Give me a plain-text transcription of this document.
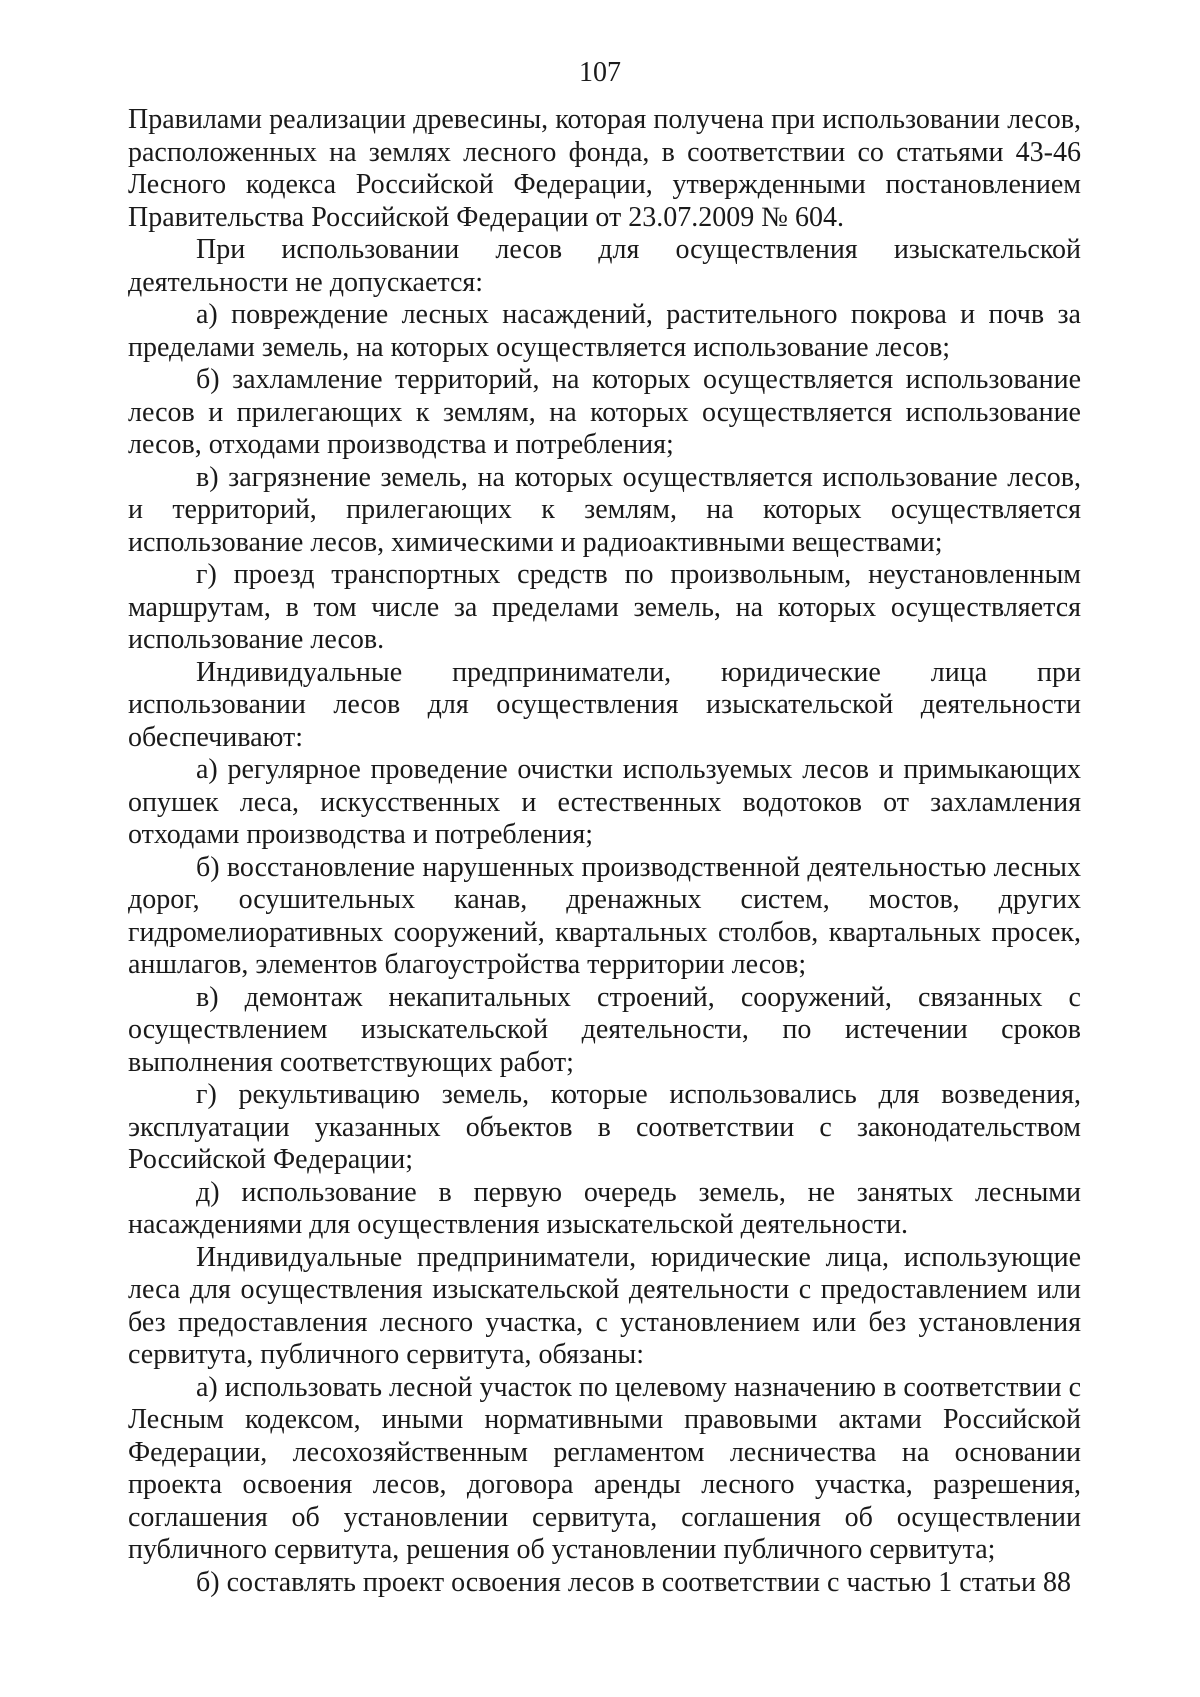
107

Правилами реализации древесины, которая получена при использовании лесов, расположенных на землях лесного фонда, в соответствии со статьями 43-46 Лесного кодекса Российской Федерации, утвержденными постановлением Правительства Российской Федерации от 23.07.2009 № 604.

При использовании лесов для осуществления изыскательской деятельности не допускается:

а) повреждение лесных насаждений, растительного покрова и почв за пределами земель, на которых осуществляется использование лесов;

б) захламление территорий, на которых осуществляется использование лесов и прилегающих к землям, на которых осуществляется использование лесов, отходами производства и потребления;

в) загрязнение земель, на которых осуществляется использование лесов, и территорий, прилегающих к землям, на которых осуществляется использование лесов, химическими и радиоактивными веществами;

г) проезд транспортных средств по произвольным, неустановленным маршрутам, в том числе за пределами земель, на которых осуществляется использование лесов.

Индивидуальные предприниматели, юридические лица при использовании лесов для осуществления изыскательской деятельности обеспечивают:

а) регулярное проведение очистки используемых лесов и примыкающих опушек леса, искусственных и естественных водотоков от захламления отходами производства и потребления;

б) восстановление нарушенных производственной деятельностью лесных дорог, осушительных канав, дренажных систем, мостов, других гидромелиоративных сооружений, квартальных столбов, квартальных просек, аншлагов, элементов благоустройства территории лесов;

в) демонтаж некапитальных строений, сооружений, связанных с осуществлением изыскательской деятельности, по истечении сроков выполнения соответствующих работ;

г) рекультивацию земель, которые использовались для возведения, эксплуатации указанных объектов в соответствии с законодательством Российской Федерации;

д) использование в первую очередь земель, не занятых лесными насаждениями для осуществления изыскательской деятельности.

Индивидуальные предприниматели, юридические лица, использующие леса для осуществления изыскательской деятельности с предоставлением или без предоставления лесного участка, с установлением или без установления сервитута, публичного сервитута, обязаны:

а) использовать лесной участок по целевому назначению в соответствии с Лесным кодексом, иными нормативными правовыми актами Российской Федерации, лесохозяйственным регламентом лесничества на основании проекта освоения лесов, договора аренды лесного участка, разрешения, соглашения об установлении сервитута, соглашения об осуществлении публичного сервитута, решения об установлении публичного сервитута;

б) составлять проект освоения лесов в соответствии с частью 1 статьи 88
